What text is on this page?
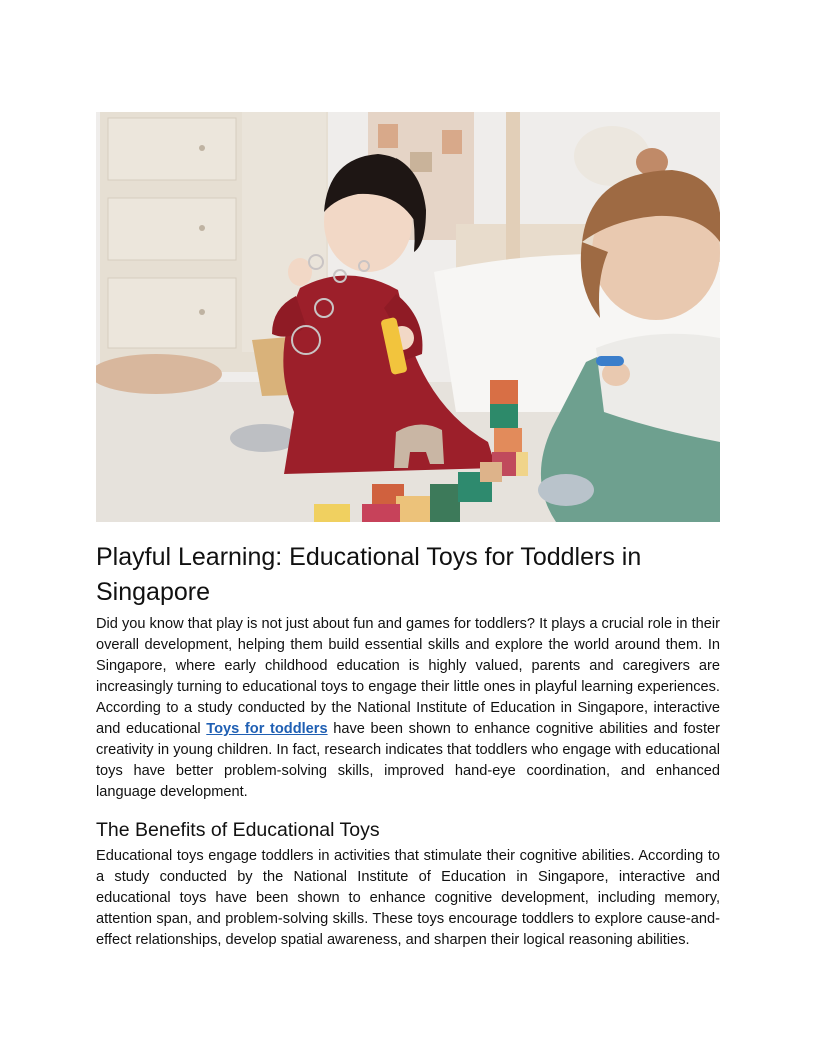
Playful Learning: Educational Toys for Toddlers in Singapore

Did you know that play is not just about fun and games for toddlers? It plays a crucial role in their overall development, helping them build essential skills and explore the world around them. In Singapore, where early childhood education is highly valued, parents and caregivers are increasingly turning to educational toys to engage their little ones in playful learning experiences. According to a study conducted by the National Institute of Education in Singapore, interactive and educational Toys for toddlers have been shown to enhance cognitive abilities and foster creativity in young children. In fact, research indicates that toddlers who engage with educational toys have better problem-solving skills, improved hand-eye coordination, and enhanced language development.

The Benefits of Educational Toys

Educational toys engage toddlers in activities that stimulate their cognitive abilities. According to a study conducted by the National Institute of Education in Singapore, interactive and educational toys have been shown to enhance cognitive development, including memory, attention span, and problem-solving skills. These toys encourage toddlers to explore cause-and-effect relationships, develop spatial awareness, and sharpen their logical reasoning abilities.
